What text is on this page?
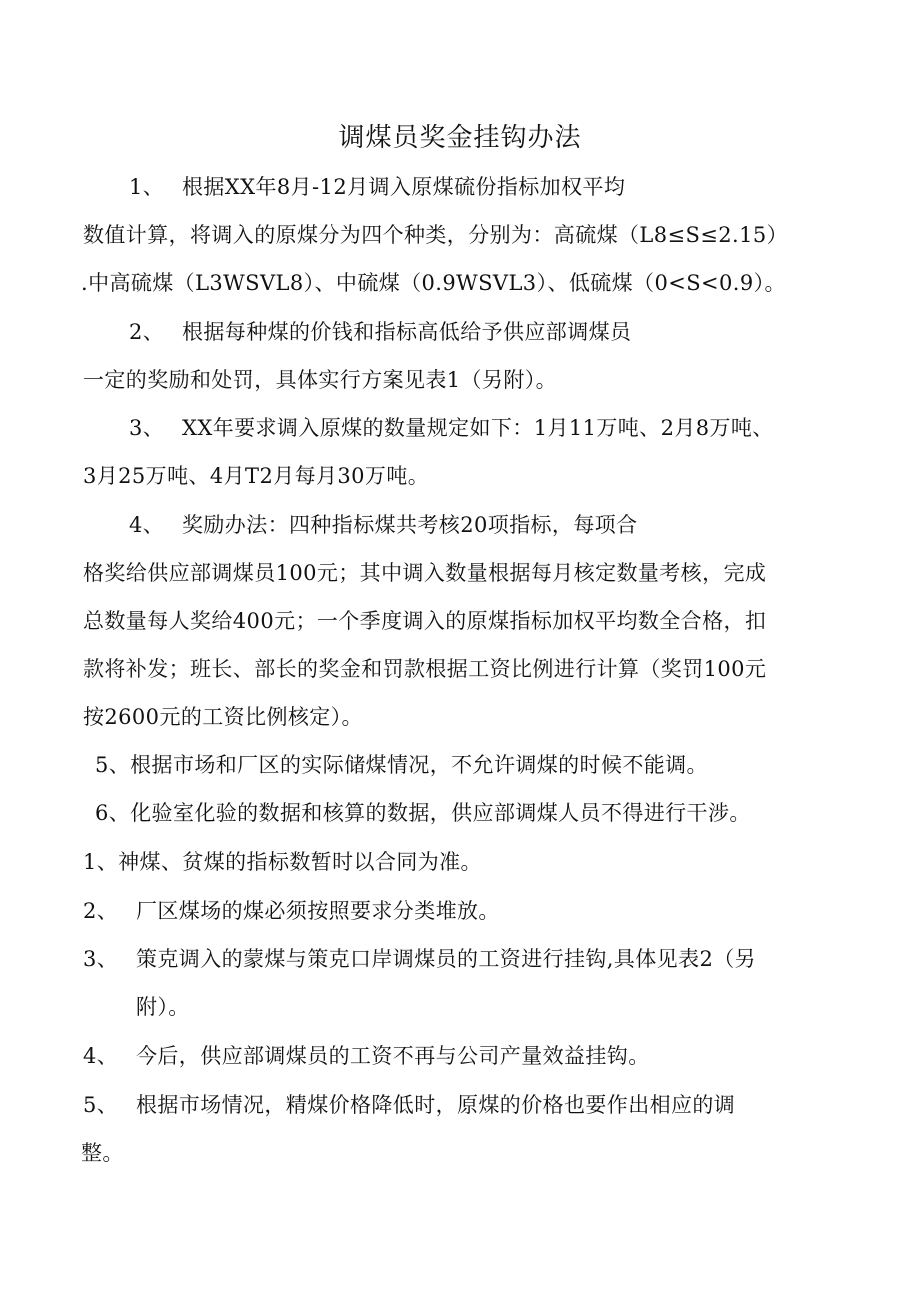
调煤员奖金挂钩办法
1、 根据XX年8月-12月调入原煤硫份指标加权平均
数值计算，将调入的原煤分为四个种类，分别为：高硫煤（L8≤S≤2.15）
.中高硫煤（L3WSVL8）、中硫煤（0.9WSVL3）、低硫煤（0<S<0.9）。
2、 根据每种煤的价钱和指标高低给予供应部调煤员
一定的奖励和处罚，具体实行方案见表1（另附）。
3、 XX年要求调入原煤的数量规定如下：1月11万吨、2月8万吨、
3月25万吨、4月T2月每月30万吨。
4、 奖励办法：四种指标煤共考核20项指标，每项合
格奖给供应部调煤员100元；其中调入数量根据每月核定数量考核，完成
总数量每人奖给400元；一个季度调入的原煤指标加权平均数全合格，扣
款将补发；班长、部长的奖金和罚款根据工资比例进行计算（奖罚100元
按2600元的工资比例核定）。
5、根据市场和厂区的实际储煤情况，不允许调煤的时候不能调。
6、化验室化验的数据和核算的数据，供应部调煤人员不得进行干涉。
1、神煤、贫煤的指标数暂时以合同为准。
2、 厂区煤场的煤必须按照要求分类堆放。
3、 策克调入的蒙煤与策克口岸调煤员的工资进行挂钩,具体见表2（另
附）。
4、 今后，供应部调煤员的工资不再与公司产量效益挂钩。
5、 根据市场情况，精煤价格降低时，原煤的价格也要作出相应的调
整。
